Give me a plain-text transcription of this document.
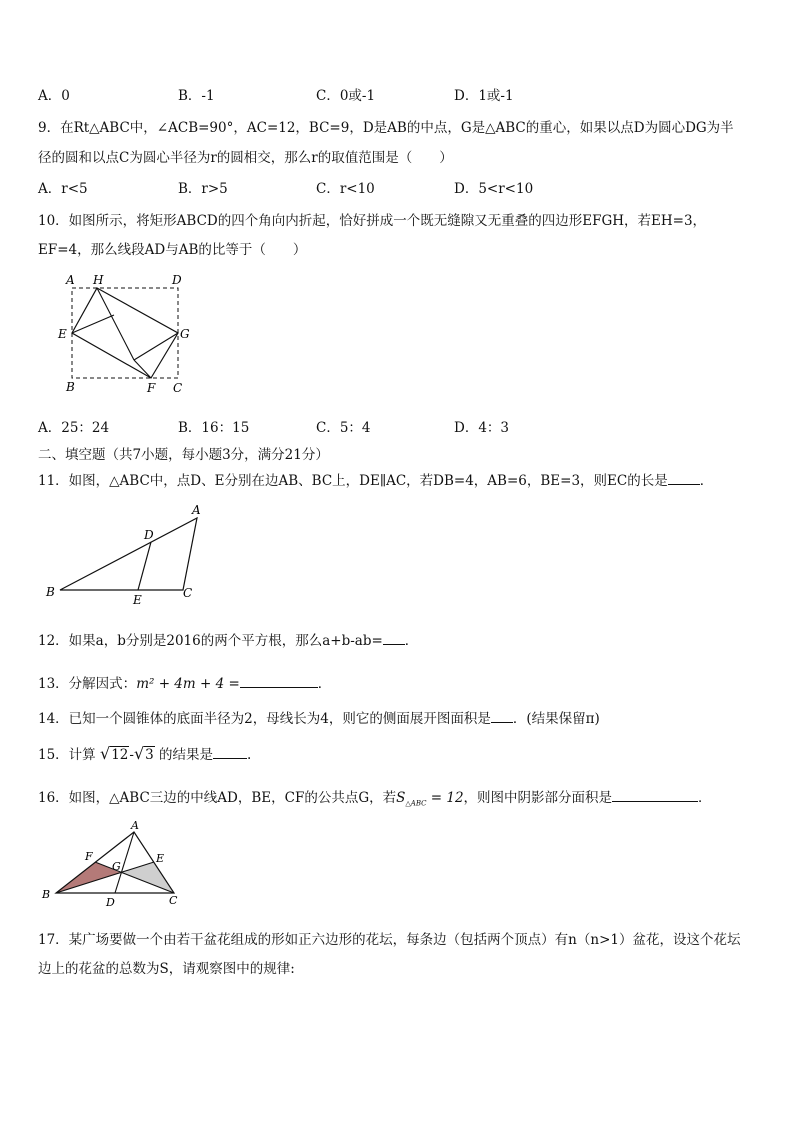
A．0	B．-1	C．0或-1	D．1或-1
9．在Rt△ABC中，∠ACB=90°，AC=12，BC=9，D是AB的中点，G是△ABC的重心，如果以点D为圆心DG为半
径的圆和以点C为圆心半径为r的圆相交，那么r的取值范围是（　　）
A．r<5	B．r>5	C．r<10	D．5<r<10
10．如图所示，将矩形ABCD的四个角向内折起，恰好拼成一个既无缝隙又无重叠的四边形EFGH，若EH=3，
EF=4，那么线段AD与AB的比等于（　　）
A H	D
E	G
B	F C
A．25：24	B．16：15	C．5：4	D．4：3
二、填空题（共7小题，每小题3分，满分21分）
11．如图，△ABC中，点D、E分别在边AB、BC上，DE∥AC，若DB=4，AB=6，BE=3，则EC的长是 ．
A
D
B
E	C
12．如果a，b分别是2016的两个平方根，那么a+b-ab= ．
13．分解因式：m² + 4m + 4 =	．
14．已知一个圆锥体的底面半径为2，母线长为4，则它的侧面展开图面积是 ．(结果保留π)
15．计算 √12-√3 的结果是	.
16．如图，△ABC三边的中线AD，BE，CF的公共点G，若$S_{\triangle ABC} = 12$，则图中阴影部分面积是	．
A
F
G
E
B
D	C
17．某广场要做一个由若干盆花组成的形如正六边形的花坛，每条边（包括两个顶点）有n（n>1）盆花，设这个花坛
边上的花盆的总数为S，请观察图中的规律:
